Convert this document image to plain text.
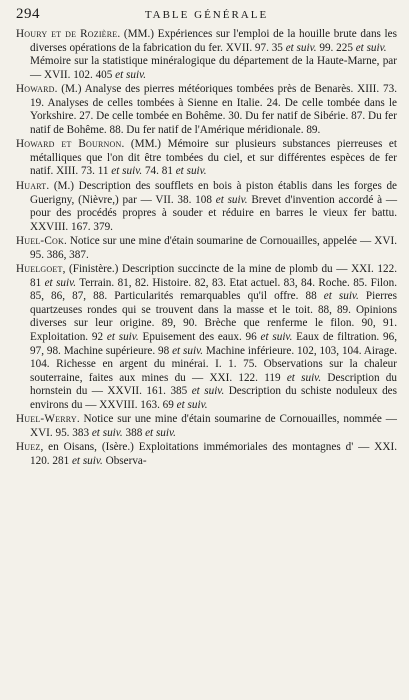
294	TABLE GÉNÉRALE

Houry et de Rozière. (MM.) Expériences sur l'emploi de la houille brute dans les diverses opérations de la fabrication du fer. XVII. 97. 35 et suiv. 99. 225 et suiv.

Mémoire sur la statistique minéralogique du département de la Haute-Marne, par — XVII. 102. 405 et suiv.

Howard. (M.) Analyse des pierres météoriques tombées près de Benarès. XIII. 73. 19. Analyses de celles tombées à Sienne en Italie. 24. De celle tombée dans le Yorkshire. 27. De celle tombée en Bohême. 30. Du fer natif de Sibérie. 87. Du fer natif de Bohême. 88. Du fer natif de l'Amérique méridionale. 89.

Howard et Bournon. (MM.) Mémoire sur plusieurs substances pierreuses et métalliques que l'on dit être tombées du ciel, et sur différentes espèces de fer natif. XIII. 73. 11 et suiv. 74. 81 et suiv.

Huart. (M.) Description des soufflets en bois à piston établis dans les forges de Guerigny, (Nièvre,) par — VII. 38. 108 et suiv. Brevet d'invention accordé à — pour des procédés propres à souder et réduire en barres le vieux fer battu. XXVIII. 167. 379.

Huel-Cok. Notice sur une mine d'étain soumarine de Cornouailles, appelée — XVI. 95. 386, 387.

Huelgoet, (Finistère.) Description succincte de la mine de plomb du — XXI. 122. 81 et suiv. Terrain. 81, 82. Histoire. 82, 83. Etat actuel. 83, 84. Roche. 85. Filon. 85, 86, 87, 88. Particularités remarquables qu'il offre. 88 et suiv. Pierres quartzeuses rondes qui se trouvent dans la masse et le toit. 88, 89. Opinions diverses sur leur origine. 89, 90. Brèche que renferme le filon. 90, 91. Exploitation. 92 et suiv. Epuisement des eaux. 96 et suiv. Eaux de filtration. 96, 97, 98. Machine supérieure. 98 et suiv. Machine inférieure. 102, 103, 104. Airage. 104. Richesse en argent du minérai. I. 1. 75. Observations sur la chaleur souterraine, faites aux mines du — XXI. 122. 119 et suiv. Description du hornstein du — XXVII. 161. 385 et suiv. Description du schiste noduleux des environs du — XXVIII. 163. 69 et suiv.

Huel-Werry. Notice sur une mine d'étain soumarine de Cornouailles, nommée — XVI. 95. 383 et suiv. 388 et suiv.

Huez, en Oisans, (Isère.) Exploitations immémoriales des montagnes d' — XXI. 120. 281 et suiv. Observa-
